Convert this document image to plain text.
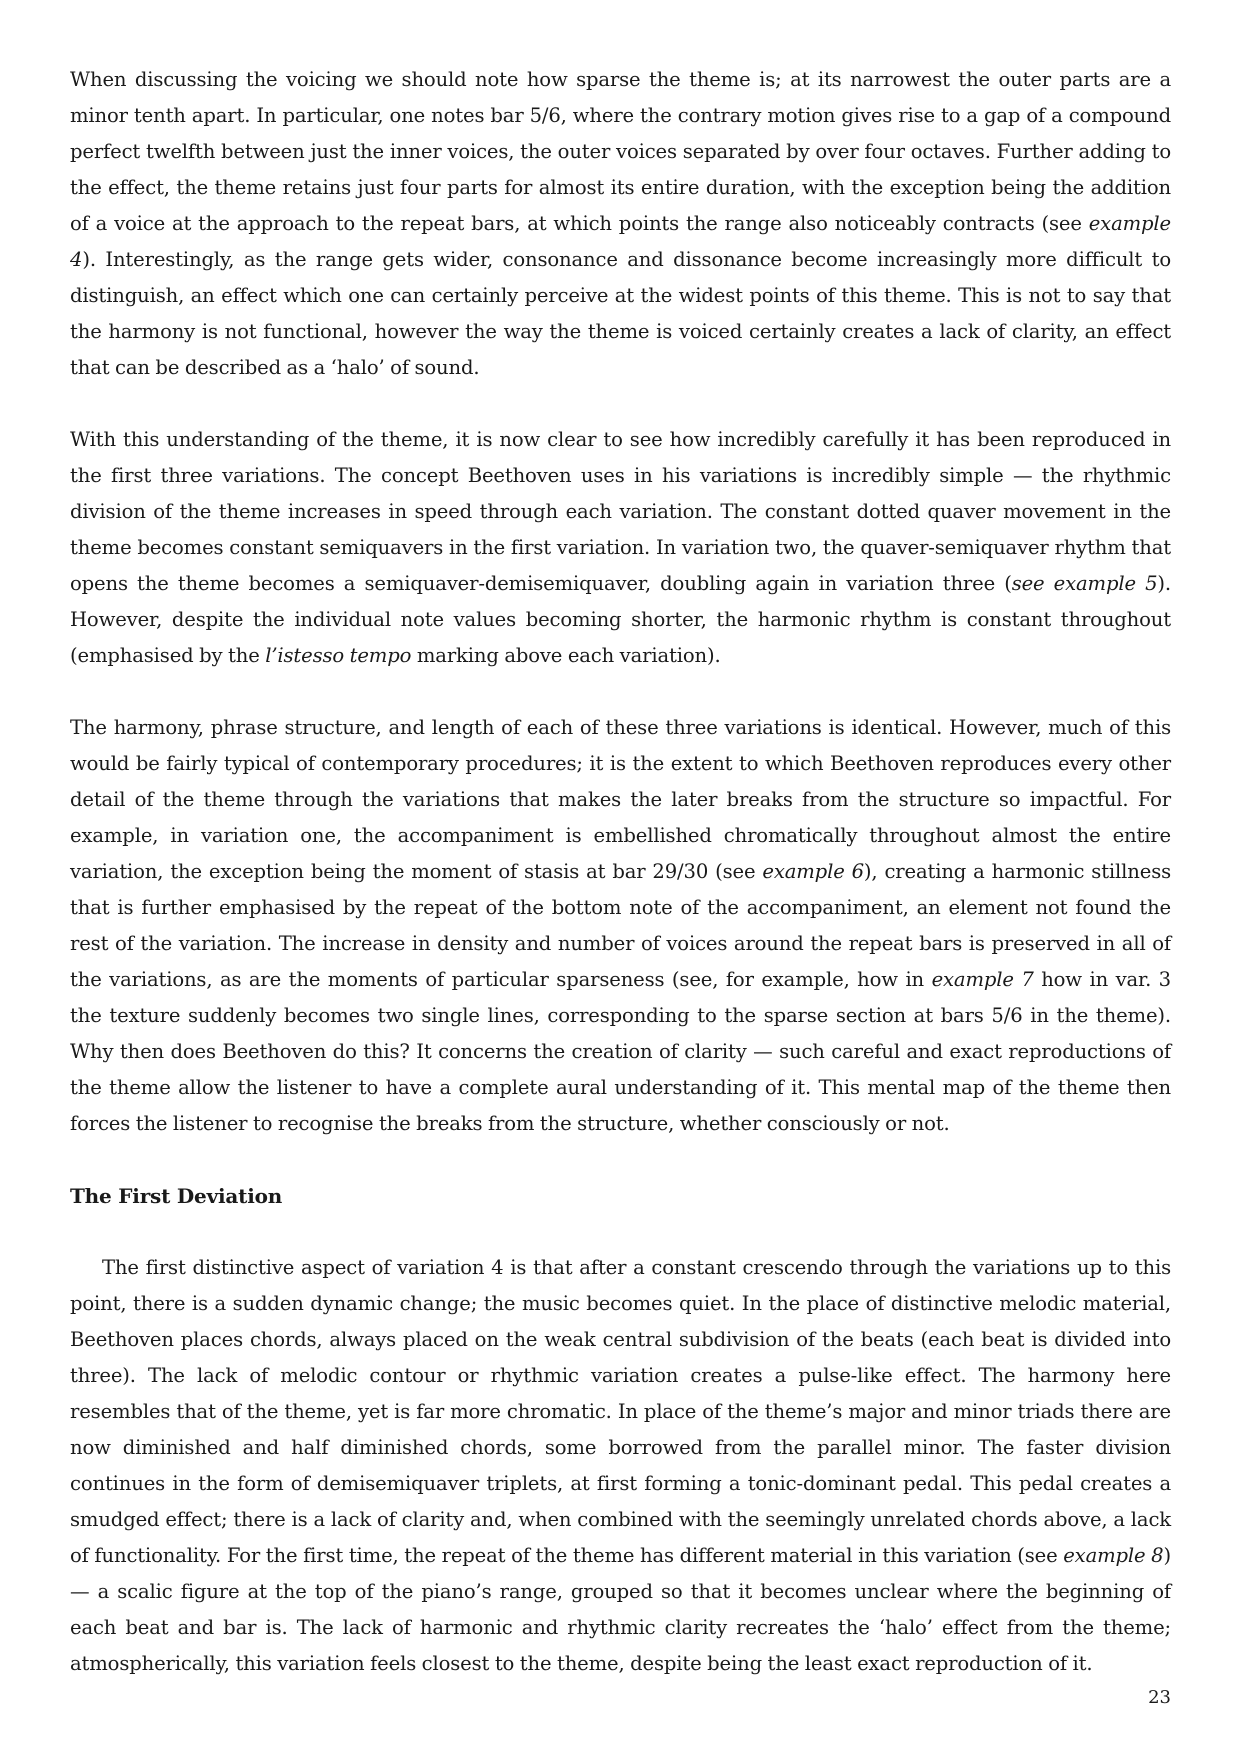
When discussing the voicing we should note how sparse the theme is; at its narrowest the outer parts are a minor tenth apart. In particular, one notes bar 5/6, where the contrary motion gives rise to a gap of a compound perfect twelfth between just the inner voices, the outer voices separated by over four octaves. Further adding to the effect, the theme retains just four parts for almost its entire duration, with the exception being the addition of a voice at the approach to the repeat bars, at which points the range also noticeably contracts (see example 4). Interestingly, as the range gets wider, consonance and dissonance become increasingly more difficult to distinguish, an effect which one can certainly perceive at the widest points of this theme. This is not to say that the harmony is not functional, however the way the theme is voiced certainly creates a lack of clarity, an effect that can be described as a ‘halo’ of sound.

With this understanding of the theme, it is now clear to see how incredibly carefully it has been reproduced in the first three variations. The concept Beethoven uses in his variations is incredibly simple — the rhythmic division of the theme increases in speed through each variation. The constant dotted quaver movement in the theme becomes constant semiquavers in the first variation. In variation two, the quaver-semiquaver rhythm that opens the theme becomes a semiquaver-demisemiquaver, doubling again in variation three (see example 5). However, despite the individual note values becoming shorter, the harmonic rhythm is constant throughout (emphasised by the l’istesso tempo marking above each variation).

The harmony, phrase structure, and length of each of these three variations is identical. However, much of this would be fairly typical of contemporary procedures; it is the extent to which Beethoven reproduces every other detail of the theme through the variations that makes the later breaks from the structure so impactful. For example, in variation one, the accompaniment is embellished chromatically throughout almost the entire variation, the exception being the moment of stasis at bar 29/30 (see example 6), creating a harmonic stillness that is further emphasised by the repeat of the bottom note of the accompaniment, an element not found the rest of the variation. The increase in density and number of voices around the repeat bars is preserved in all of the variations, as are the moments of particular sparseness (see, for example, how in example 7 how in var. 3 the texture suddenly becomes two single lines, corresponding to the sparse section at bars 5/6 in the theme). Why then does Beethoven do this? It concerns the creation of clarity — such careful and exact reproductions of the theme allow the listener to have a complete aural understanding of it. This mental map of the theme then forces the listener to recognise the breaks from the structure, whether consciously or not.

The First Deviation

The first distinctive aspect of variation 4 is that after a constant crescendo through the variations up to this point, there is a sudden dynamic change; the music becomes quiet. In the place of distinctive melodic material, Beethoven places chords, always placed on the weak central subdivision of the beats (each beat is divided into three). The lack of melodic contour or rhythmic variation creates a pulse-like effect. The harmony here resembles that of the theme, yet is far more chromatic. In place of the theme’s major and minor triads there are now diminished and half diminished chords, some borrowed from the parallel minor. The faster division continues in the form of demisemiquaver triplets, at first forming a tonic-dominant pedal. This pedal creates a smudged effect; there is a lack of clarity and, when combined with the seemingly unrelated chords above, a lack of functionality. For the first time, the repeat of the theme has different material in this variation (see example 8) — a scalic figure at the top of the piano’s range, grouped so that it becomes unclear where the beginning of each beat and bar is. The lack of harmonic and rhythmic clarity recreates the ‘halo’ effect from the theme; atmospherically, this variation feels closest to the theme, despite being the least exact reproduction of it.

23
